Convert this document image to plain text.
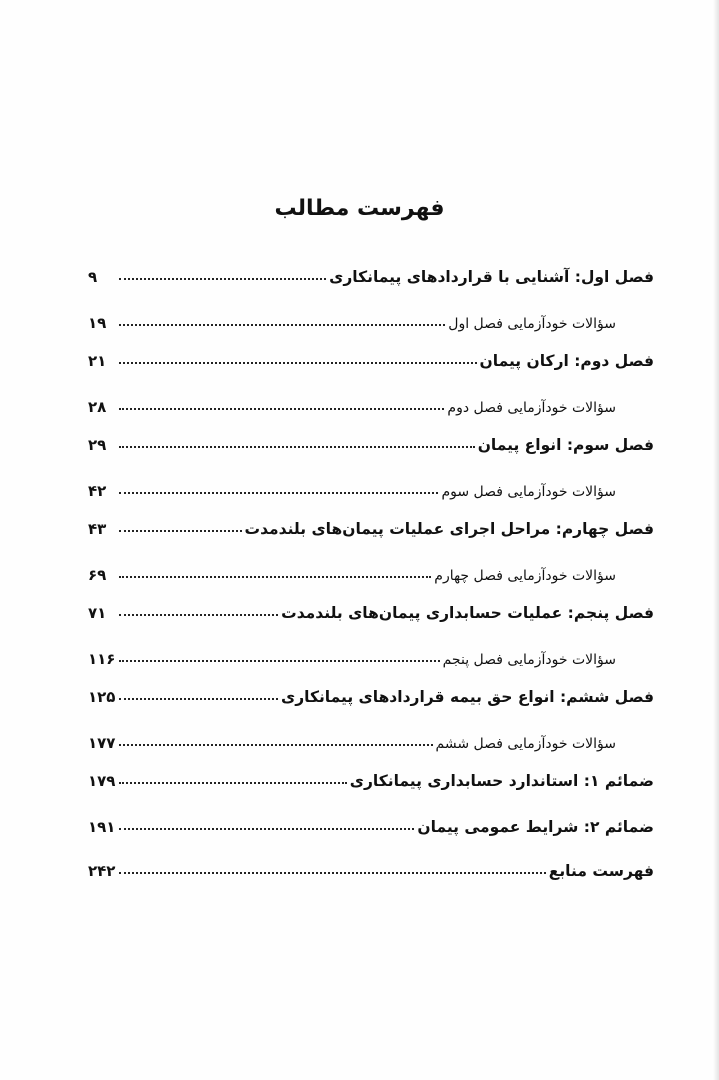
فهرست مطالب
فصل اول: آشنایی با قراردادهای پیمانکاری
۹
سؤالات خودآزمایی فصل اول
۱۹
فصل دوم: ارکان پیمان
۲۱
سؤالات خودآزمایی فصل دوم
۲۸
فصل سوم: انواع پیمان
۲۹
سؤالات خودآزمایی فصل سوم
۴۲
فصل چهارم: مراحل اجرای عملیات پیمان‌های بلندمدت
۴۳
سؤالات خودآزمایی فصل چهارم
۶۹
فصل پنجم: عملیات حسابداری پیمان‌های بلندمدت
۷۱
سؤالات خودآزمایی فصل پنجم
۱۱۶
فصل ششم: انواع حق بیمه قراردادهای پیمانکاری
۱۲۵
سؤالات خودآزمایی فصل ششم
۱۷۷
ضمائم ۱: استاندارد حسابداری پیمانکاری
۱۷۹
ضمائم ۲: شرایط عمومی پیمان
۱۹۱
فهرست منابع
۲۴۲
